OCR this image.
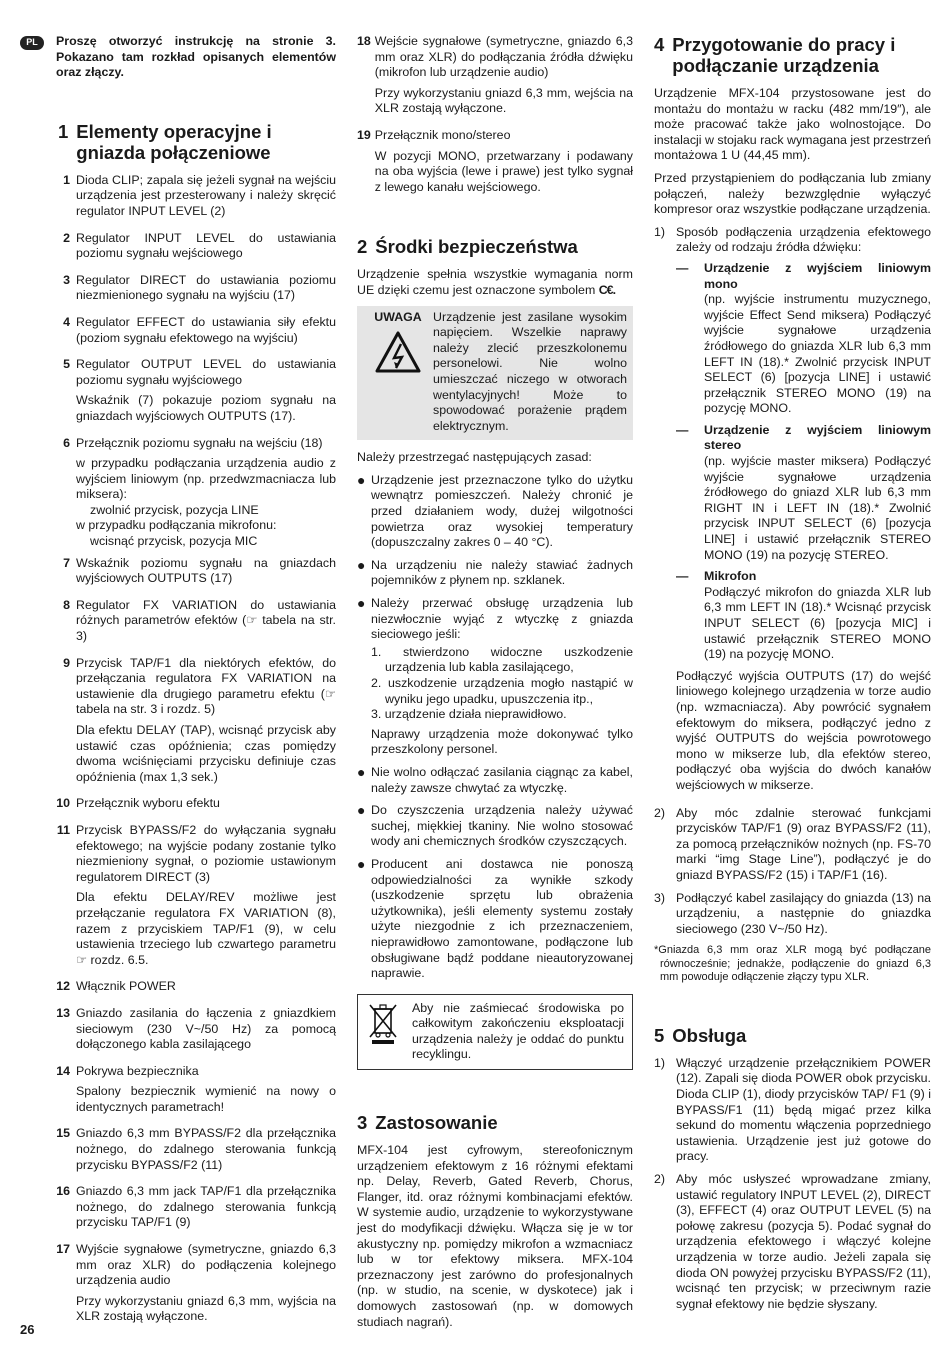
PL	Proszę otworzyć instrukcję na stronie 3. Pokazano tam rozkład opisanych elementów oraz złączy.

1 Elementy operacyjne i gniazda połączeniowe
1 Dioda CLIP; zapala się jeżeli sygnał na wejściu urządzenia jest przesterowany i należy skręcić regulator INPUT LEVEL (2)

2 Regulator INPUT LEVEL do ustawiania poziomu sygnału wejściowego

3 Regulator DIRECT do ustawiania poziomu niezmienionego sygnału na wyjściu (17)

4 Regulator EFFECT do ustawiania siły efektu (poziom sygnału efektowego na wyjściu)

5 Regulator OUTPUT LEVEL do ustawiania poziomu sygnału wyjściowego

Wskaźnik (7) pokazuje poziom sygnału na gniazdach wyjściowych OUTPUTS (17).

6 Przełącznik poziomu sygnału na wejściu (18)

w przypadku podłączania urządzenia audio z wyjściem liniowym (np. przedwzmacniacza lub miksera):
zwolnić przycisk, pozycja LINE
w przypadku podłączania mikrofonu:
wcisnąć przycisk, pozycja MIC
7 Wskaźnik poziomu sygnału na gniazdach wyjściowych OUTPUTS (17)

8 Regulator FX VARIATION do ustawiania różnych parametrów efektów (☞ tabela na str. 3)

9 Przycisk TAP/F1 dla niektórych efektów, do przełączania regulatora FX VARIATION na ustawienie dla drugiego parametru efektu (☞ tabela na str. 3 i rozdz. 5)

Dla efektu DELAY (TAP), wcisnąć przycisk aby ustawić czas opóźnienia; czas pomiędzy dwoma wciśnięciami przycisku definiuje czas opóźnienia (max 1,3 sek.)

10 Przełącznik wyboru efektu

11 Przycisk BYPASS/F2 do wyłączania sygnału efektowego; na wyjście podany zostanie tylko niezmieniony sygnał, o poziomie ustawionym regulatorem DIRECT (3)

Dla efektu DELAY/REV możliwe jest przełączanie regulatora FX VARIATION (8), razem z przyciskiem TAP/F1 (9), w celu ustawienia trzeciego lub czwartego parametru ☞ rozdz. 6.5.

12 Włącznik POWER

13 Gniazdo zasilania do łączenia z gniazdkiem sieciowym (230 V~/50 Hz) za pomocą dołączonego kabla zasilającego

14 Pokrywa bezpiecznika

Spalony bezpiecznik wymienić na nowy o identycznych parametrach!

15 Gniazdo 6,3 mm BYPASS/F2 dla przełącznika nożnego, do zdalnego sterowania funkcją przycisku BYPASS/F2 (11)

16 Gniazdo 6,3 mm jack TAP/F1 dla przełącznika nożnego, do zdalnego sterowania funkcją przycisku TAP/F1 (9)

17 Wyjście sygnałowe (symetryczne, gniazdo 6,3 mm oraz XLR) do podłączenia kolejnego urządzenia audio

Przy wykorzystaniu gniazd 6,3 mm, wyjścia na XLR zostają wyłączone.

18 Wejście sygnałowe (symetryczne, gniazdo 6,3 mm oraz XLR) do podłączania źródła dźwięku (mikrofon lub urządzenie audio)

Przy wykorzystaniu gniazd 6,3 mm, wejścia na XLR zostają wyłączone.

19 Przełącznik mono/stereo

W pozycji MONO, przetwarzany i podawany na oba wyjścia (lewe i prawe) jest tylko sygnał z lewego kanału wejściowego.

2 Środki bezpieczeństwa

Urządzenie spełnia wszystkie wymagania norm UE dzięki czemu jest oznaczone symbolem C€.

UWAGA Urządzenie jest zasilane wysokim napięciem. Wszelkie naprawy należy zlecić przeszkolonemu personelowi. Nie wolno umieszczać niczego w otworach wentylacyjnych! Może to spowodować porażenie prądem elektrycznym.

Należy przestrzegać następujących zasad:

● Urządzenie jest przeznaczone tylko do użytku wewnątrz pomieszczeń. Należy chronić je przed działaniem wody, dużej wilgotności powietrza oraz wysokiej temperatury (dopuszczalny zakres 0 – 40 °C).
● Na urządzeniu nie należy stawiać żadnych pojemników z płynem np. szklanek.
● Należy przerwać obsługę urządzenia lub niezwłocznie wyjąć z wtyczkę z gniazda sieciowego jeśli:
1. stwierdzono widoczne uszkodzenie urządzenia lub kabla zasilającego,
2. uszkodzenie urządzenia mogło nastąpić w wyniku jego upadku, upuszczenia itp.,
3. urządzenie działa nieprawidłowo.
Naprawy urządzenia może dokonywać tylko przeszkolony personel.
● Nie wolno odłączać zasilania ciągnąc za kabel, należy zawsze chwytać za wtyczkę.
● Do czyszczenia urządzenia należy używać suchej, miękkiej tkaniny. Nie wolno stosować wody ani chemicznych środków czyszczących.
● Producent ani dostawca nie ponoszą odpowiedzialności za wynikłe szkody (uszkodzenie sprzętu lub obrażenia użytkownika), jeśli elementy systemu zostały użyte niezgodnie z ich przeznaczeniem, nieprawidłowo zamontowane, podłączone lub obsługiwane bądź poddane nieautoryzowanej naprawie.
Aby nie zaśmiecać środowiska po całkowitym zakończeniu eksploatacji urządzenia należy je oddać do punktu recyklingu.
3 Zastosowanie

MFX-104 jest cyfrowym, stereofonicznym urządzeniem efektowym z 16 różnymi efektami np. Delay, Reverb, Gated Reverb, Chorus, Flanger, itd. oraz różnymi kombinacjami efektów. W systemie audio, urządzenie to wykorzystywane jest do modyfikacji dźwięku. Włącza się je w tor akustyczny np. pomiędzy mikrofon a wzmacniacz lub w tor efektowy miksera. MFX-104 przeznaczony jest zarówno do profesjonalnych (np. w studio, na scenie, w dyskotece) jak i domowych zastosowań (np. w domowych studiach nagrań).

4 Przygotowanie do pracy i podłączanie urządzenia

Urządzenie MFX-104 przystosowane jest do montażu do montażu w racku (482 mm/19″), ale może pracować także jako wolnostojące. Do instalacji w stojaku rack wymagana jest przestrzeń montażowa 1 U (44,45 mm).

Przed przystąpieniem do podłączania lub zmiany połączeń, należy bezwzględnie wyłączyć kompresor oraz wszystkie podłączane urządzenia.

1) Sposób podłączenia urządzenia efektowego zależy od rodzaju źródła dźwięku:

—	Urządzenie z wyjściem liniowym mono
(np. wyjście instrumentu muzycznego, wyjście Effect Send miksera) Podłączyć wyjście sygnałowe urządzenia źródłowego do gniazda XLR lub 6,3 mm LEFT IN (18).* Zwolnić przycisk INPUT SELECT (6) [pozycja LINE] i ustawić przełącznik STEREO MONO (19) na pozycję MONO.
—	Urządzenie z wyjściem liniowym stereo
(np. wyjście master miksera) Podłączyć wyjście sygnałowe urządzenia źródłowego do gniazd XLR lub 6,3 mm RIGHT IN i LEFT IN (18).* Zwolnić przycisk INPUT SELECT (6) [pozycja LINE] i ustawić przełącznik STEREO MONO (19) na pozycję STEREO.
—	Mikrofon
Podłączyć mikrofon do gniazda XLR lub 6,3 mm LEFT IN (18).* Wcisnąć przycisk INPUT SELECT (6) [pozycja MIC] i ustawić przełącznik STEREO MONO (19) na pozycję MONO.

Podłączyć wyjścia OUTPUTS (17) do wejść liniowego kolejnego urządzenia w torze audio (np. wzmacniacza). Aby powrócić sygnałem efektowym do miksera, podłączyć jedno z wyjść OUTPUTS do wejścia powrotowego mono w mikserze lub, dla efektów stereo, podłączyć oba wyjścia do dwóch kanałów wejściowych w mikserze.

2) Aby móc zdalnie sterować funkcjami przycisków TAP/F1 (9) oraz BYPASS/F2 (11), za pomocą przełączników nożnych (np. FS-70 marki “img Stage Line”), podłączyć je do gniazd BYPASS/F2 (15) i TAP/F1 (16).
3) Podłączyć kabel zasilający do gniazda (13) na urządzeniu, a następnie do gniazdka sieciowego (230 V~/50 Hz).

*Gniazda 6,3 mm oraz XLR mogą być podłączane równocześnie; jednakże, podłączenie do gniazd 6,3 mm powoduje odłączenie złączy typu XLR.

5 Obsługa
1) Włączyć urządzenie przełącznikiem POWER (12). Zapali się dioda POWER obok przycisku. Dioda CLIP (1), diody przycisków TAP/ F1 (9) i BYPASS/F1 (11) będą migać przez kilka sekund do momentu włączenia poprzedniego ustawienia. Urządzenie jest już gotowe do pracy.
2) Aby móc usłyszeć wprowadzane zmiany, ustawić regulatory INPUT LEVEL (2), DIRECT (3), EFFECT (4) oraz OUTPUT LEVEL (5) na połowę zakresu (pozycja 5). Podać sygnał do urządzenia efektowego i włączyć kolejne urządzenia w torze audio. Jeżeli zapala się dioda ON powyżej przycisku BYPASS/F2 (11), wcisnąć ten przycisk; w przeciwnym razie sygnał efektowy nie będzie słyszany.
26
